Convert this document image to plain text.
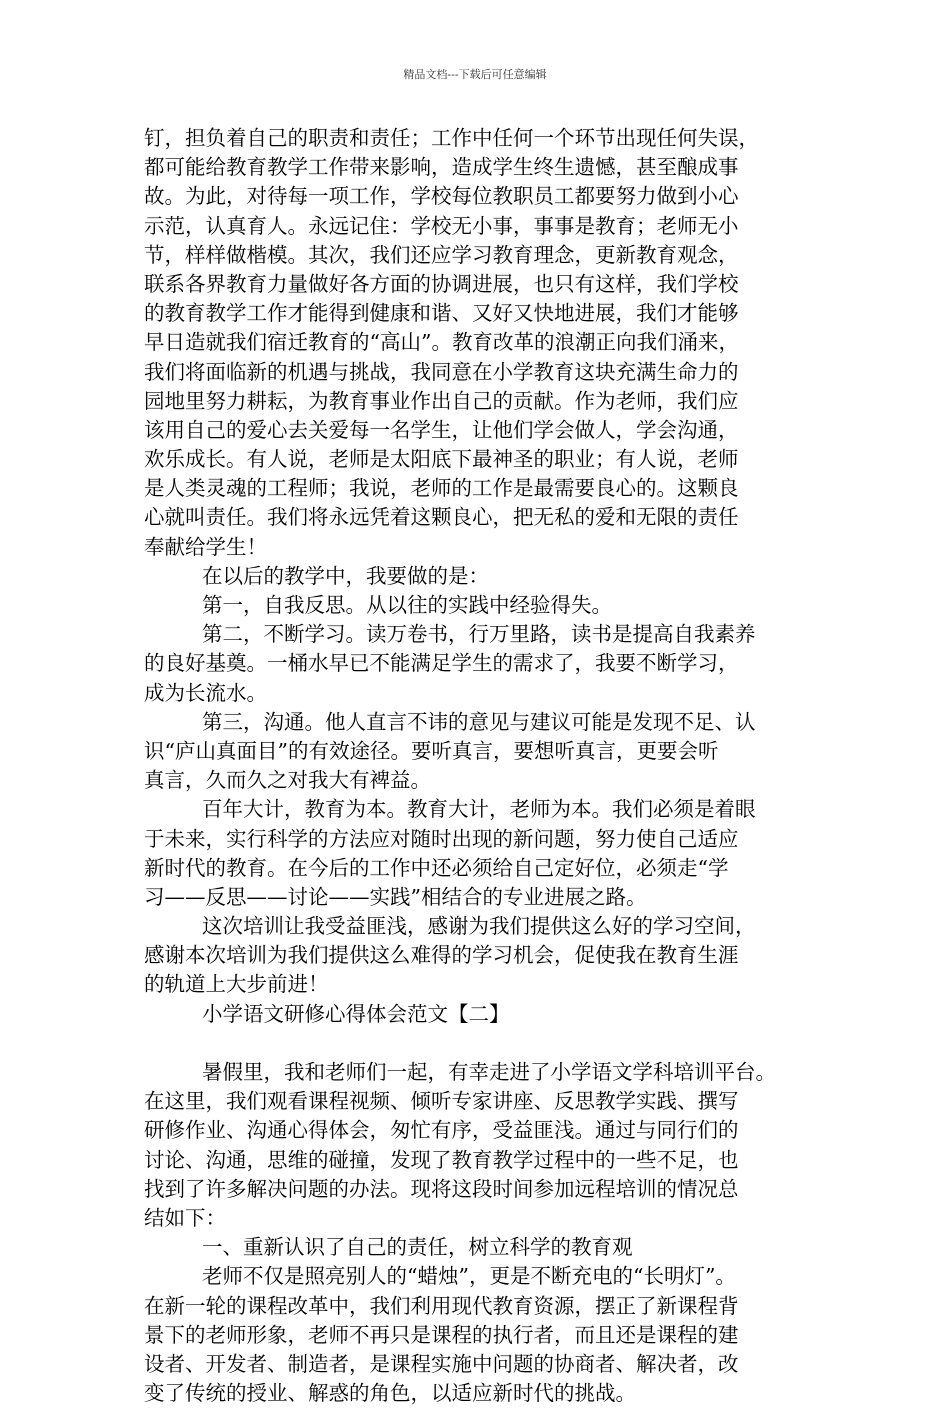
精品文档---下载后可任意编辑
钉，担负着自己的职责和责任；工作中任何一个环节出现任何失误，
都可能给教育教学工作带来影响，造成学生终生遗憾，甚至酿成事
故。为此，对待每一项工作，学校每位教职员工都要努力做到小心
示范，认真育人。永远记住：学校无小事，事事是教育；老师无小
节，样样做楷模。其次，我们还应学习教育理念，更新教育观念，
联系各界教育力量做好各方面的协调进展，也只有这样，我们学校
的教育教学工作才能得到健康和谐、又好又快地进展，我们才能够
早日造就我们宿迁教育的“高山”。教育改革的浪潮正向我们涌来，
我们将面临新的机遇与挑战，我同意在小学教育这块充满生命力的
园地里努力耕耘，为教育事业作出自己的贡献。作为老师，我们应
该用自己的爱心去关爱每一名学生，让他们学会做人，学会沟通，
欢乐成长。有人说，老师是太阳底下最神圣的职业；有人说，老师
是人类灵魂的工程师；我说，老师的工作是最需要良心的。这颗良
心就叫责任。我们将永远凭着这颗良心，把无私的爱和无限的责任
奉献给学生！
在以后的教学中，我要做的是：
第一，自我反思。从以往的实践中经验得失。
第二，不断学习。读万卷书，行万里路，读书是提高自我素养
的良好基奠。一桶水早已不能满足学生的需求了，我要不断学习，
成为长流水。
第三，沟通。他人直言不讳的意见与建议可能是发现不足、认
识“庐山真面目”的有效途径。要听真言，要想听真言，更要会听
真言，久而久之对我大有裨益。
百年大计，教育为本。教育大计，老师为本。我们必须是着眼
于未来，实行科学的方法应对随时出现的新问题，努力使自己适应
新时代的教育。在今后的工作中还必须给自己定好位，必须走“学
习——反思——讨论——实践”相结合的专业进展之路。
这次培训让我受益匪浅，感谢为我们提供这么好的学习空间，
感谢本次培训为我们提供这么难得的学习机会，促使我在教育生涯
的轨道上大步前进！
小学语文研修心得体会范文【二】
暑假里，我和老师们一起，有幸走进了小学语文学科培训平台。
在这里，我们观看课程视频、倾听专家讲座、反思教学实践、撰写
研修作业、沟通心得体会，匆忙有序，受益匪浅。通过与同行们的
讨论、沟通，思维的碰撞，发现了教育教学过程中的一些不足，也
找到了许多解决问题的办法。现将这段时间参加远程培训的情况总
结如下：
一、重新认识了自己的责任，树立科学的教育观
老师不仅是照亮别人的“蜡烛”，更是不断充电的“长明灯”。
在新一轮的课程改革中，我们利用现代教育资源，摆正了新课程背
景下的老师形象，老师不再只是课程的执行者，而且还是课程的建
设者、开发者、制造者，是课程实施中问题的协商者、解决者，改
变了传统的授业、解惑的角色，以适应新时代的挑战。
